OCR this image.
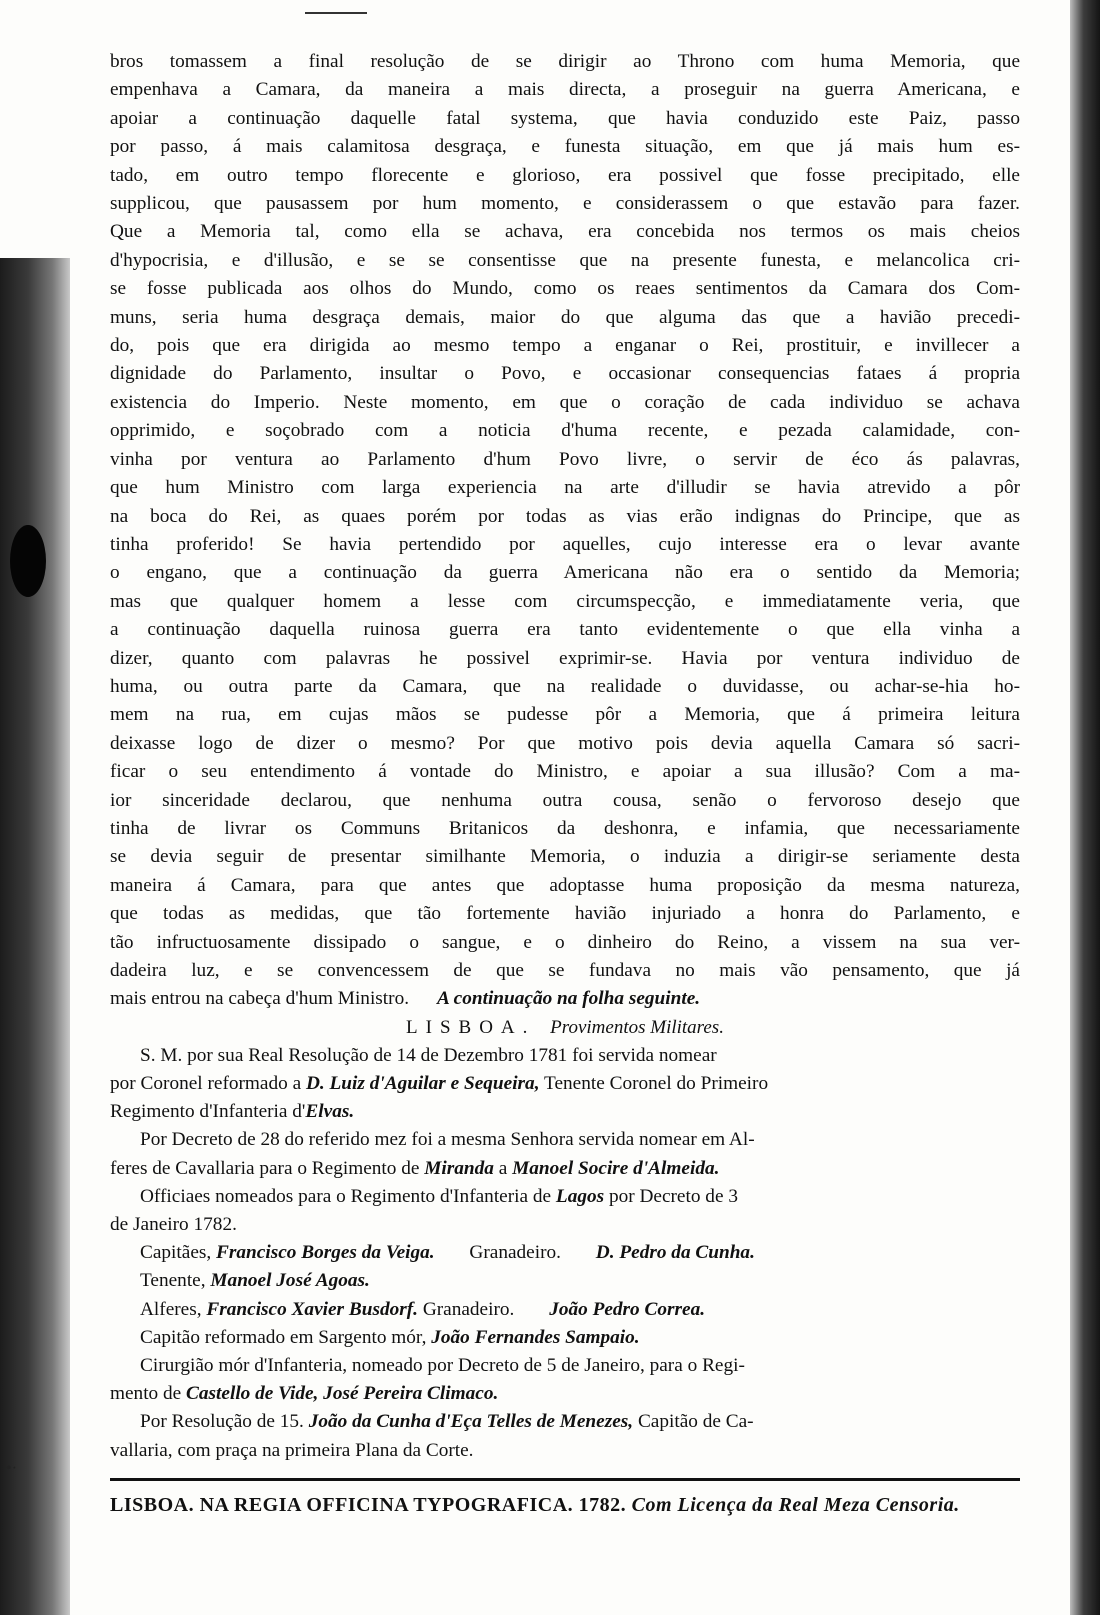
•·
bros tomassem a final resolução de se dirigir ao Throno com huma Memoria, que
empenhava a Camara, da maneira a mais directa, a proseguir na guerra Americana, e
apoiar a continuação daquelle fatal systema, que havia conduzido este Paiz, passo
por passo, á mais calamitosa desgraça, e funesta situação, em que já mais hum es-
tado, em outro tempo florecente e glorioso, era possivel que fosse precipitado, elle
supplicou, que pausassem por hum momento, e considerassem o que estavão para fazer.
Que a Memoria tal, como ella se achava, era concebida nos termos os mais cheios
d'hypocrisia, e d'illusão, e se se consentisse que na presente funesta, e melancolica cri-
se fosse publicada aos olhos do Mundo, como os reaes sentimentos da Camara dos Com-
muns, seria huma desgraça demais, maior do que alguma das que a havião precedi-
do, pois que era dirigida ao mesmo tempo a enganar o Rei, prostituir, e invillecer a
dignidade do Parlamento, insultar o Povo, e occasionar consequencias fataes á propria
existencia do Imperio. Neste momento, em que o coração de cada individuo se achava
opprimido, e soçobrado com a noticia d'huma recente, e pezada calamidade, con-
vinha por ventura ao Parlamento d'hum Povo livre, o servir de éco ás palavras,
que hum Ministro com larga experiencia na arte d'illudir se havia atrevido a pôr
na boca do Rei, as quaes porém por todas as vias erão indignas do Principe, que as
tinha proferido! Se havia pertendido por aquelles, cujo interesse era o levar avante
o engano, que a continuação da guerra Americana não era o sentido da Memoria;
mas que qualquer homem a lesse com circumspecção, e immediatamente veria, que
a continuação daquella ruinosa guerra era tanto evidentemente o que ella vinha a
dizer, quanto com palavras he possivel exprimir-se. Havia por ventura individuo de
huma, ou outra parte da Camara, que na realidade o duvidasse, ou achar-se-hia ho-
mem na rua, em cujas mãos se pudesse pôr a Memoria, que á primeira leitura
deixasse logo de dizer o mesmo? Por que motivo pois devia aquella Camara só sacri-
ficar o seu entendimento á vontade do Ministro, e apoiar a sua illusão? Com a ma-
ior sinceridade declarou, que nenhuma outra cousa, senão o fervoroso desejo que
tinha de livrar os Communs Britanicos da deshonra, e infamia, que necessariamente
se devia seguir de presentar similhante Memoria, o induzia a dirigir-se seriamente desta
maneira á Camara, para que antes que adoptasse huma proposição da mesma natureza,
que todas as medidas, que tão fortemente havião injuriado a honra do Parlamento, e
tão infructuosamente dissipado o sangue, e o dinheiro do Reino, a vissem na sua ver-
dadeira luz, e se convencessem de que se fundava no mais vão pensamento, que já
mais entrou na cabeça d'hum Ministro. A continuação na folha seguinte.
LISBOA. Provimentos Militares.

S. M. por sua Real Resolução de 14 de Dezembro 1781 foi servida nomear
por Coronel reformado a D. Luiz d'Aguilar e Sequeira, Tenente Coronel do Primeiro
Regimento d'Infanteria d'Elvas.

Por Decreto de 28 do referido mez foi a mesma Senhora servida nomear em Al-
feres de Cavallaria para o Regimento de Miranda a Manoel Socire d'Almeida.

Officiaes nomeados para o Regimento d'Infanteria de Lagos por Decreto de 3
de Janeiro 1782.

Capitães, Francisco Borges da Veiga. Granadeiro. D. Pedro da Cunha.

Tenente, Manoel José Agoas.

Alferes, Francisco Xavier Busdorf. Granadeiro. João Pedro Correa.

Capitão reformado em Sargento mór, João Fernandes Sampaio.

Cirurgião mór d'Infanteria, nomeado por Decreto de 5 de Janeiro, para o Regi-
mento de Castello de Vide, José Pereira Climaco.

Por Resolução de 15. João da Cunha d'Eça Telles de Menezes, Capitão de Ca-
vallaria, com praça na primeira Plana da Corte.

LISBOA. NA REGIA OFFICINA TYPOGRAFICA. 1782. Com Licença da Real Meza Censoria.
